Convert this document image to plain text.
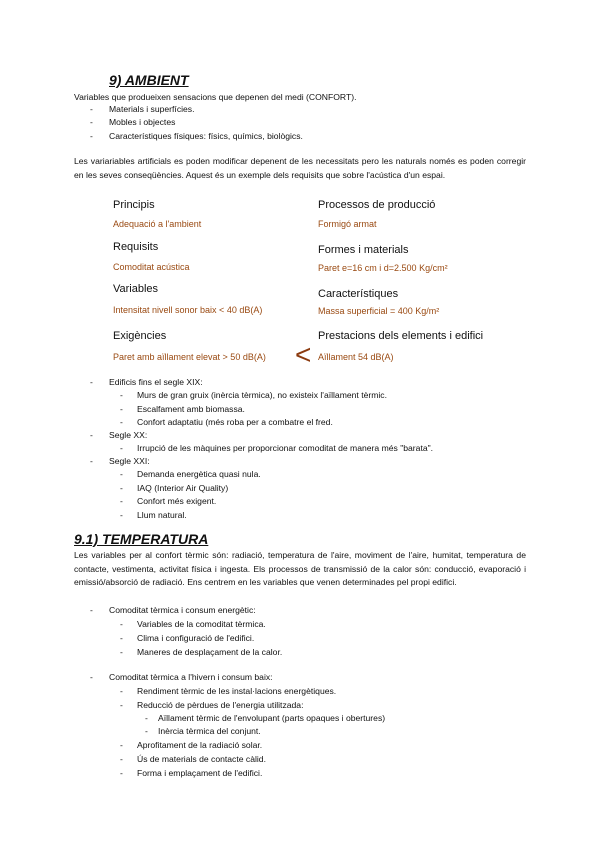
9) AMBIENT
Variables que produeixen sensacions que depenen del medi (CONFORT).
- Materials i superfícies.
- Mobles i objectes
- Característiques físiques: físics, químics, biològics.
Les variariables artificials es poden modificar depenent de les necessitats pero les naturals només es poden corregir en les seves conseqüències. Aquest és un exemple dels requisits que sobre l'acústica d'un espai.
Principis
Adequació a l'ambient
Requisits
Comoditat acústica
Variables
Intensitat nivell sonor baix < 40 dB(A)
Exigències
Paret amb aïllament elevat > 50 dB(A)
Processos de producció
Formigó armat
Formes i materials
Paret e=16 cm i d=2.500 Kg/cm²
Característiques
Massa superficial = 400 Kg/m²
Prestacions dels elements i edifici
Aïllament 54 dB(A)
<
- Edificis fins el segle XIX:
- Murs de gran gruix (inèrcia tèrmica), no existeix l'aïllament tèrmic.
- Escalfament amb biomassa.
- Confort adaptatiu (més roba per a combatre el fred.
- Segle XX:
- Irrupció de les màquines per proporcionar comoditat de manera més "barata".
- Segle XXI:
- Demanda energètica quasi nula.
- IAQ (Interior Air Quality)
- Confort més exigent.
- Llum natural.
9.1) TEMPERATURA
Les variables per al confort tèrmic són: radiació, temperatura de l'aire, moviment de l'aire, humitat, temperatura de contacte, vestimenta, activitat física i ingesta. Els processos de transmissió de la calor són: conducció, evaporació i emissió/absorció de radiació. Ens centrem en les variables que venen determinades pel propi edifici.
- Comoditat tèrmica i consum energètic:
- Variables de la comoditat tèrmica.
- Clima i configuració de l'edifici.
- Maneres de desplaçament de la calor.
- Comoditat tèrmica a l'hivern i consum baix:
- Rendiment tèrmic de les instal·lacions energètiques.
- Reducció de pèrdues de l'energia utilitzada:
- Aïllament tèrmic de l'envolupant (parts opaques i obertures)
- Inèrcia tèrmica del conjunt.
- Aprofitament de la radiació solar.
- Ús de materials de contacte càlid.
- Forma i emplaçament de l'edifici.
